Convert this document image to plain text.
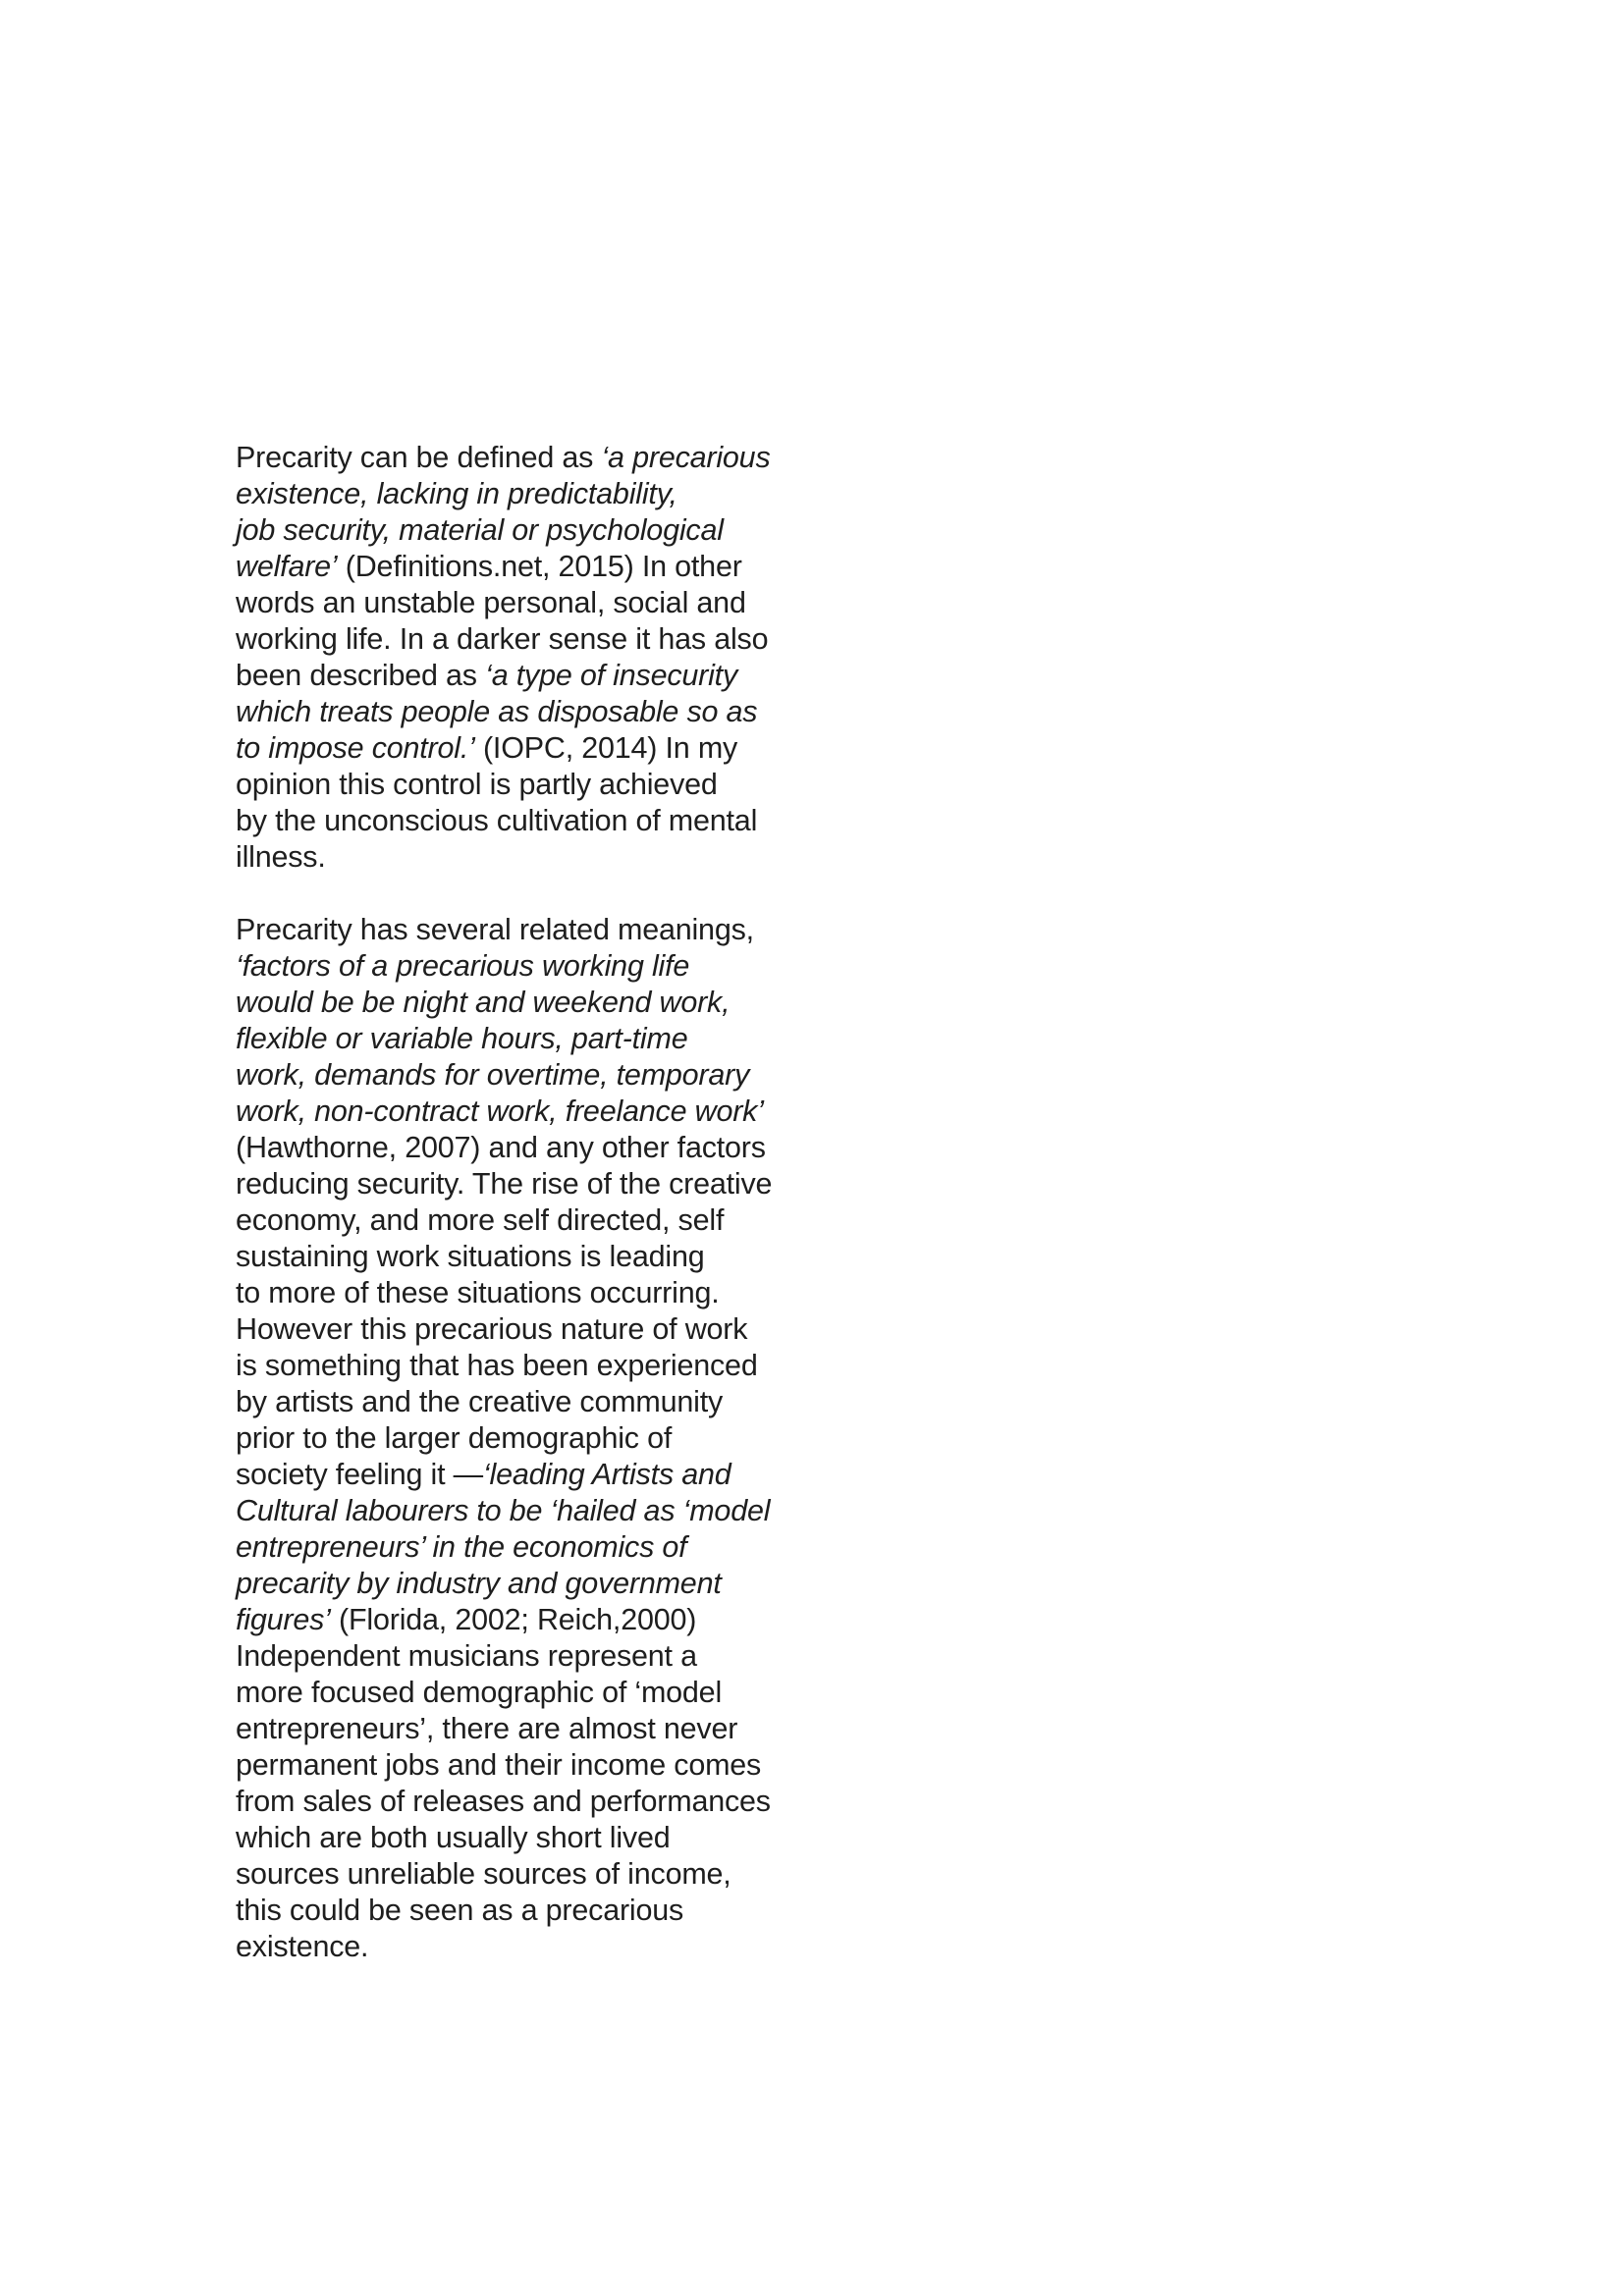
Precarity can be defined as ‘a precarious
existence, lacking in predictability,
job security, material or psychological
welfare’ (Definitions.net, 2015) In other
words an unstable personal, social and
working life. In a darker sense it has also
been described as ‘a type of insecurity
which treats people as disposable so as
to impose control.’ (IOPC, 2014) In my
opinion this control is partly achieved
by the unconscious cultivation of mental
illness.
Precarity has several related meanings,
‘factors of a precarious working life
would be be night and weekend work,
flexible or variable hours, part-time
work, demands for overtime, temporary
work, non-contract work, freelance work’
(Hawthorne, 2007) and any other factors
reducing security. The rise of the creative
economy, and more self directed, self
sustaining work situations is leading
to more of these situations occurring.
However this precarious nature of work
is something that has been experienced
by artists and the creative community
prior to the larger demographic of
society feeling it —‘leading Artists and
Cultural labourers to be ‘hailed as ‘model
entrepreneurs’ in the economics of
precarity by industry and government
figures’ (Florida, 2002; Reich,2000)
Independent musicians represent a
more focused demographic of ‘model
entrepreneurs’, there are almost never
permanent jobs and their income comes
from sales of releases and performances
which are both usually short lived
sources unreliable sources of income,
this could be seen as a precarious
existence.
